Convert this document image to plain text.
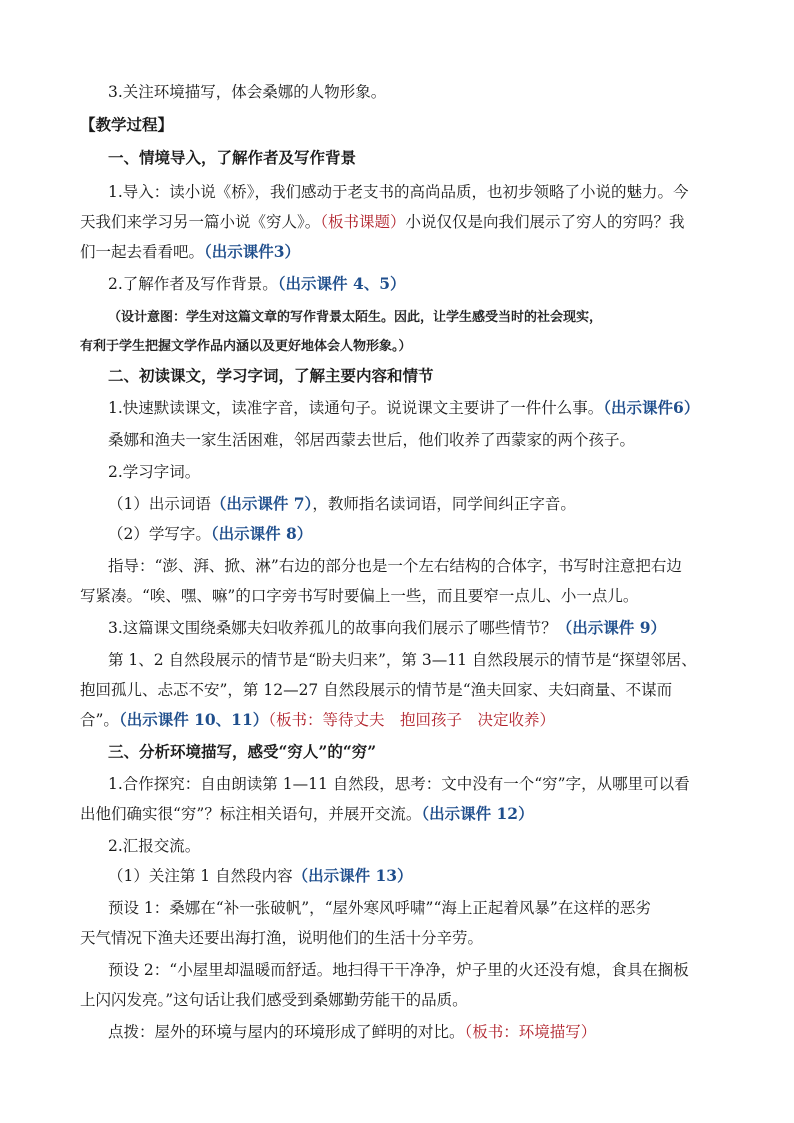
3.关注环境描写，体会桑娜的人物形象。
【教学过程】
一、情境导入，了解作者及写作背景
1.导入：读小说《桥》，我们感动于老支书的高尚品质，也初步领略了小说的魅力。今
天我们来学习另一篇小说《穷人》。（板书课题）小说仅仅是向我们展示了穷人的穷吗？我
们一起去看看吧。（出示课件3）
2.了解作者及写作背景。（出示课件 4、5）
（设计意图：学生对这篇文章的写作背景太陌生。因此，让学生感受当时的社会现实，
有利于学生把握文学作品内涵以及更好地体会人物形象。）
二、初读课文，学习字词，了解主要内容和情节
1.快速默读课文，读准字音，读通句子。说说课文主要讲了一件什么事。（出示课件6）
桑娜和渔夫一家生活困难，邻居西蒙去世后，他们收养了西蒙家的两个孩子。
2.学习字词。
（1）出示词语（出示课件 7），教师指名读词语，同学间纠正字音。
（2）学写字。（出示课件 8）
指导：“澎、湃、掀、淋”右边的部分也是一个左右结构的合体字，书写时注意把右边
写紧凑。“唉、嘿、嘛”的口字旁书写时要偏上一些，而且要窄一点儿、小一点儿。
3.这篇课文围绕桑娜夫妇收养孤儿的故事向我们展示了哪些情节？（出示课件 9）
第 1、2 自然段展示的情节是“盼夫归来”，第 3—11 自然段展示的情节是“探望邻居、
抱回孤儿、忐忑不安”，第 12—27 自然段展示的情节是“渔夫回家、夫妇商量、不谋而
合”。（出示课件 10、11）（板书：等待丈夫　抱回孩子　决定收养）
三、分析环境描写，感受“穷人”的“穷”
1.合作探究：自由朗读第 1—11 自然段，思考：文中没有一个“穷”字，从哪里可以看
出他们确实很“穷”？标注相关语句，并展开交流。（出示课件 12）
2.汇报交流。
（1）关注第 1 自然段内容（出示课件 13）
预设 1：桑娜在“补一张破帆”，“屋外寒风呼啸”“海上正起着风暴”在这样的恶劣
天气情况下渔夫还要出海打渔，说明他们的生活十分辛劳。
预设 2：“小屋里却温暖而舒适。地扫得干干净净，炉子里的火还没有熄，食具在搁板
上闪闪发亮。”这句话让我们感受到桑娜勤劳能干的品质。
点拨：屋外的环境与屋内的环境形成了鲜明的对比。（板书：环境描写）
